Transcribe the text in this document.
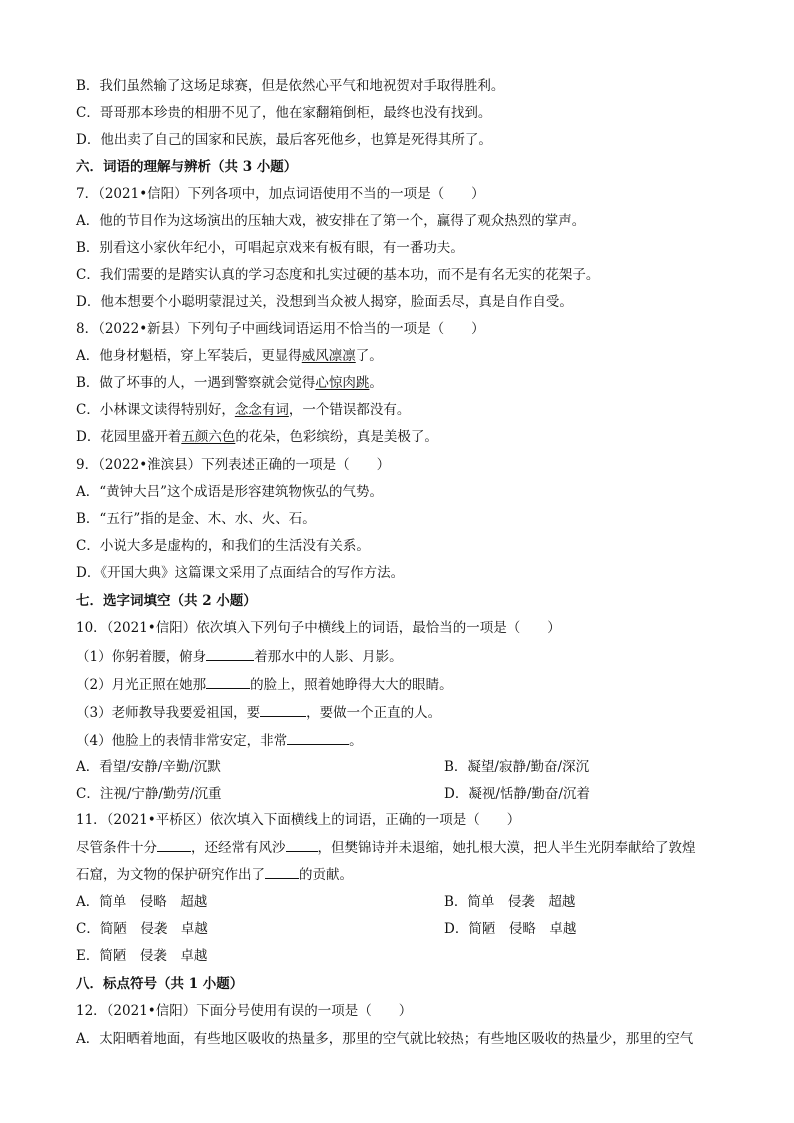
B．我们虽然输了这场足球赛，但是依然心平气和地祝贺对手取得胜利。
C．哥哥那本珍贵的相册不见了，他在家翻箱倒柜，最终也没有找到。
D．他出卖了自己的国家和民族，最后客死他乡，也算是死得其所了。
六．词语的理解与辨析（共 3 小题）
7．（2021•信阳）下列各项中，加点词语使用不当的一项是（　　）
A．他的节目作为这场演出的压轴大戏，被安排在了第一个，赢得了观众热烈的掌声。
B．别看这小家伙年纪小，可唱起京戏来有板有眼，有一番功夫。
C．我们需要的是踏实认真的学习态度和扎实过硬的基本功，而不是有名无实的花架子。
D．他本想要个小聪明蒙混过关，没想到当众被人揭穿，脸面丢尽，真是自作自受。
8．（2022•新县）下列句子中画线词语运用不恰当的一项是（　　）
A．他身材魁梧，穿上军装后，更显得威风凛凛了。
B．做了坏事的人，一遇到警察就会觉得心惊肉跳。
C．小林课文读得特别好，念念有词，一个错误都没有。
D．花园里盛开着五颜六色的花朵，色彩缤纷，真是美极了。
9．（2022•淮滨县）下列表述正确的一项是（　　）
A．“黄钟大吕”这个成语是形容建筑物恢弘的气势。
B．“五行”指的是金、木、水、火、石。
C．小说大多是虚构的，和我们的生活没有关系。
D．《开国大典》这篇课文采用了点面结合的写作方法。
七．选字词填空（共 2 小题）
10．（2021•信阳）依次填入下列句子中横线上的词语，最恰当的一项是（　　）
（1）你躬着腰，俯身	着那水中的人影、月影。
（2）月光正照在她那	的脸上，照着她睁得大大的眼睛。
（3）老师教导我要爱祖国，要	，要做一个正直的人。
（4）他脸上的表情非常安定，非常	。
A．看望/安静/辛勤/沉默	B．凝望/寂静/勤奋/深沉
C．注视/宁静/勤劳/沉重	D．凝视/恬静/勤奋/沉着
11．（2021•平桥区）依次填入下面横线上的词语，正确的一项是（　　）
尽管条件十分	，还经常有风沙 ，但樊锦诗并未退缩，她扎根大漠，把人半生光阴奉献给了敦煌
石窟，为文物的保护研究作出了	的贡献。
A．简单　侵略　超越	B．简单　侵袭　超越
C．简陋　侵袭　卓越	D．简陋　侵略　卓越
E．简陋　侵袭　卓越
八．标点符号（共 1 小题）
12．（2021•信阳）下面分号使用有误的一项是（　　）
A．太阳晒着地面，有些地区吸收的热量多，那里的空气就比较热；有些地区吸收的热量少，那里的空气
